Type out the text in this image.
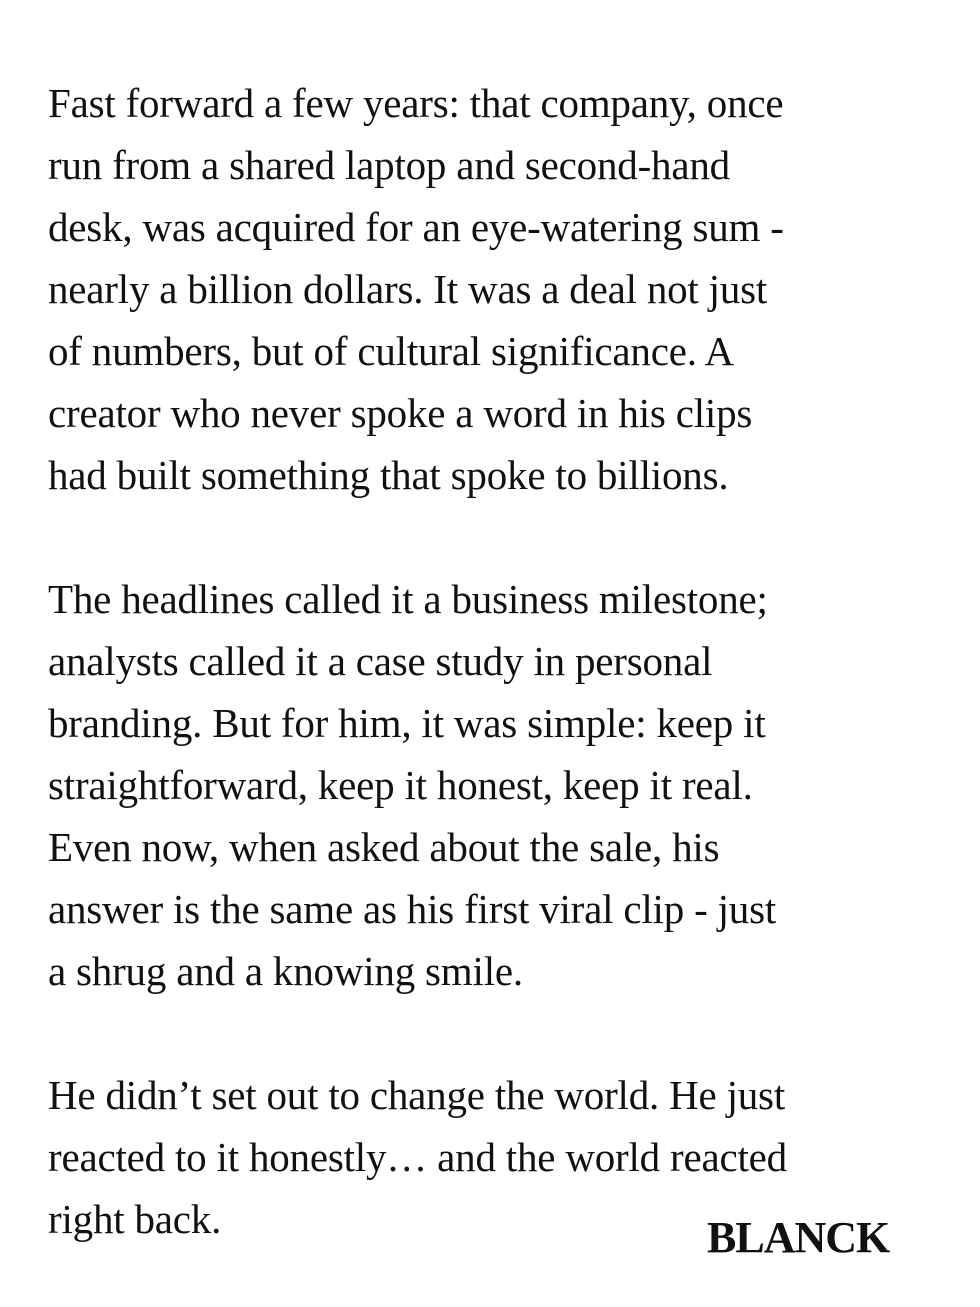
Fast forward a few years: that company, once
run from a shared laptop and second-hand
desk, was acquired for an eye-watering sum -
nearly a billion dollars. It was a deal not just
of numbers, but of cultural significance. A
creator who never spoke a word in his clips
had built something that spoke to billions.

The headlines called it a business milestone;
analysts called it a case study in personal
branding. But for him, it was simple: keep it
straightforward, keep it honest, keep it real.
Even now, when asked about the sale, his
answer is the same as his first viral clip - just
a shrug and a knowing smile.

He didn’t set out to change the world. He just
reacted to it honestly… and the world reacted
right back.	BLANCK
